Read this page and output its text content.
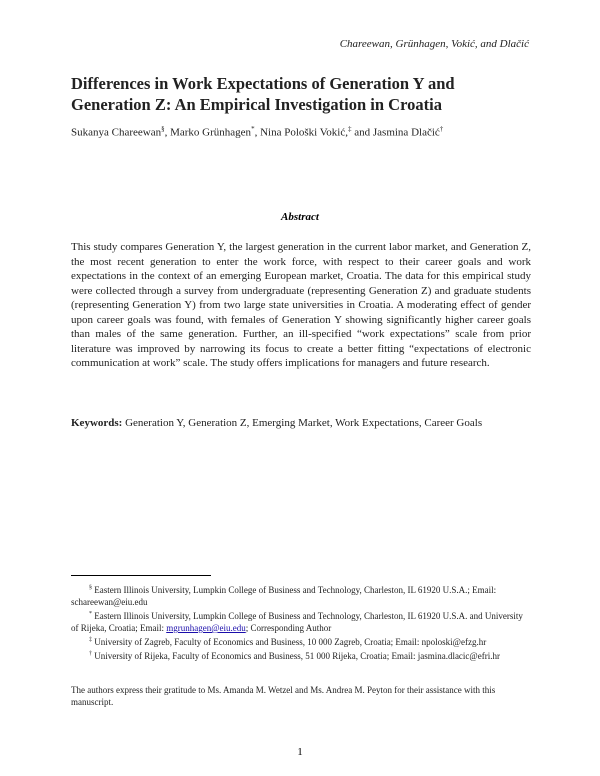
Chareewan, Grünhagen, Vokić, and Dlačić
Differences in Work Expectations of Generation Y and Generation Z: An Empirical Investigation in Croatia
Sukanya Chareewan§, Marko Grünhagen*, Nina Pološki Vokić,‡ and Jasmina Dlačić†
Abstract
This study compares Generation Y, the largest generation in the current labor market, and Generation Z, the most recent generation to enter the work force, with respect to their career goals and work expectations in the context of an emerging European market, Croatia. The data for this empirical study were collected through a survey from undergraduate (representing Generation Z) and graduate students (representing Generation Y) from two large state universities in Croatia. A moderating effect of gender upon career goals was found, with females of Generation Y showing significantly higher career goals than males of the same generation. Further, an ill-specified “work expectations” scale from prior literature was improved by narrowing its focus to create a better fitting “expectations of electronic communication at work” scale. The study offers implications for managers and future research.
Keywords: Generation Y, Generation Z, Emerging Market, Work Expectations, Career Goals
§ Eastern Illinois University, Lumpkin College of Business and Technology, Charleston, IL 61920 U.S.A.; Email: schareewan@eiu.edu
* Eastern Illinois University, Lumpkin College of Business and Technology, Charleston, IL 61920 U.S.A. and University of Rijeka, Croatia; Email: mgrunhagen@eiu.edu; Corresponding Author
‡ University of Zagreb, Faculty of Economics and Business, 10 000 Zagreb, Croatia; Email: npoloski@efzg.hr
† University of Rijeka, Faculty of Economics and Business, 51 000 Rijeka, Croatia; Email: jasmina.dlacic@efri.hr
The authors express their gratitude to Ms. Amanda M. Wetzel and Ms. Andrea M. Peyton for their assistance with this manuscript.
1
